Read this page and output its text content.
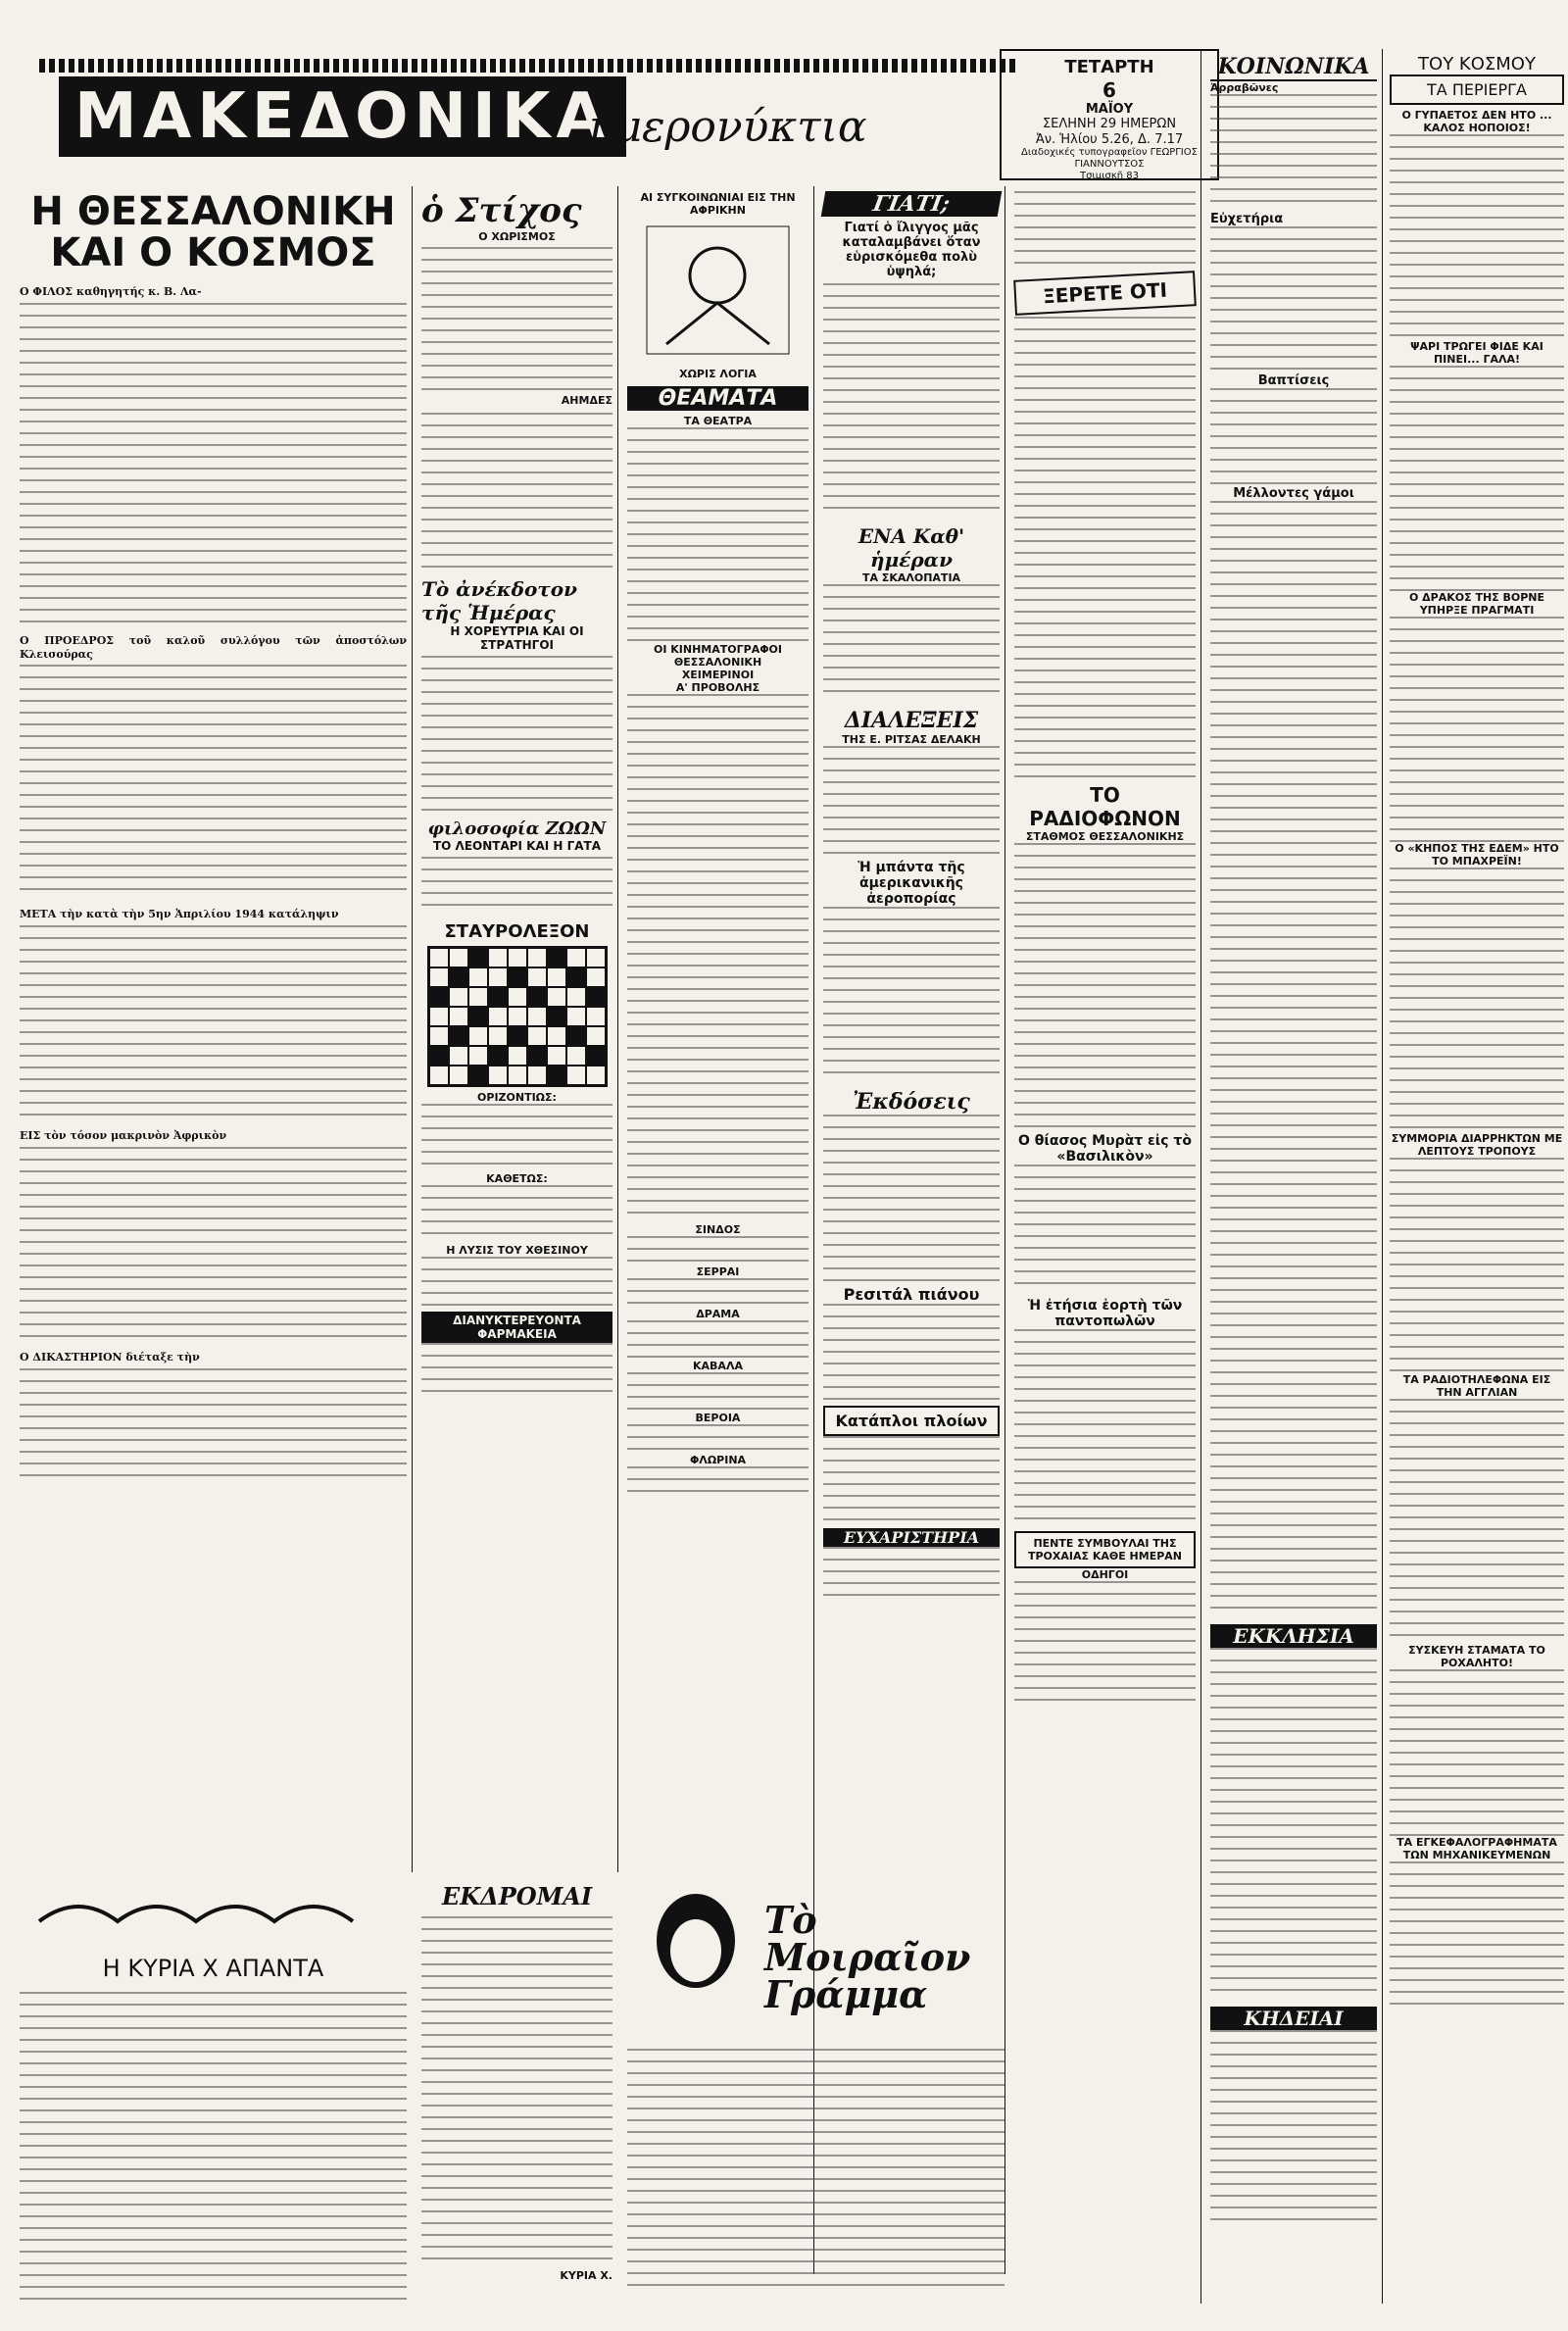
ΜΑΚΕΔΟΝΙΚΑ
ἡμερονύκτια
ΤΕΤΑΡΤΗ
6
ΜΑΪΟΥ
ΣΕΛΗΝΗ 29 ΗΜΕΡΩΝ
Ἀν. Ἡλίου 5.26, Δ. 7.17
Διαδοχικές τυπογραφεῖον ΓΕΩΡΓΙΟΣ ΓΙΑΝΝΟΥΤΣΟΣ
Τσιμισκῆ 83
Η ΘΕΣΣΑΛΟΝΙΚΗ ΚΑΙ Ο ΚΟΣΜΟΣ
Ο ΦΙΛΟΣ καθηγητής κ. Β. Λα-
Ο ΠΡΟΕΔΡΟΣ τοῦ καλοῦ συλλόγου τῶν ἀποστόλων Κλεισούρας
ΜΕΤΑ τὴν κατὰ τὴν 5ην Ἀπριλίου 1944 κατάληψιν
ΕΙΣ τὸν τόσον μακρινὸν Ἀφρικὸν
Ο ΔΙΚΑΣΤΗΡΙΟΝ διέταξε τὴν
Η ΚΥΡΙΑ Χ ΑΠΑΝΤΑ
ὁ Στίχος
Ο ΧΩΡΙΣΜΟΣ
ΑΗΜΔΕΣ
Τὸ ἀνέκδοτον τῆς Ἡμέρας
Η ΧΟΡΕΥΤΡΙΑ ΚΑΙ ΟΙ ΣΤΡΑΤΗΓΟΙ
φιλοσοφία ΖΩΩΝ
ΤΟ ΛΕΟΝΤΑΡΙ ΚΑΙ Η ΓΑΤΑ
ΣΤΑΥΡΟΛΕΞΟΝ
ΟΡΙΖΟΝΤΙΩΣ:
ΚΑΘΕΤΩΣ:
Η ΛΥΣΙΣ ΤΟΥ ΧΘΕΣΙΝΟΥ
ΔΙΑΝΥΚΤΕΡΕΥΟΝΤΑ ΦΑΡΜΑΚΕΙΑ
ΕΚΔΡΟΜΑΙ
ΚΥΡΙΑ Χ.
ΑΙ ΣΥΓΚΟΙΝΩΝΙΑΙ ΕΙΣ ΤΗΝ ΑΦΡΙΚΗΝ
ΧΩΡΙΣ ΛΟΓΙΑ
ΘΕΑΜΑΤΑ
ΤΑ ΘΕΑΤΡΑ
ΟΙ ΚΙΝΗΜΑΤΟΓΡΑΦΟΙ
ΘΕΣΣΑΛΟΝΙΚΗ
ΧΕΙΜΕΡΙΝΟΙ
Α' ΠΡΟΒΟΛΗΣ
ΣΙΝΔΟΣ
ΣΕΡΡΑΙ
ΔΡΑΜΑ
ΚΑΒΑΛΑ
ΒΕΡΟΙΑ
ΦΛΩΡΙΝΑ
ΓΙΑΤΙ;
Γιατί ὁ ἴλιγγος μᾶς καταλαμβάνει ὅταν εὑρισκόμεθα πολὺ ὑψηλά;
ΕΝΑ Καθ' ἡμέραν
ΤΑ ΣΚΑΛΟΠΑΤΙΑ
ΔΙΑΛΕΞΕΙΣ
ΤΗΣ Ε. ΡΙΤΣΑΣ ΔΕΛΑΚΗ
Ἡ μπάντα τῆς ἀμερικανικῆς ἀεροπορίας
Ἐκδόσεις
Ρεσιτάλ πιάνου
Κατάπλοι πλοίων
ΕΥΧΑΡΙΣΤΗΡΙΑ
Τὸ Μοιραῖον Γράμμα
ΞΕΡΕΤΕ ΟΤΙ
ΤΟ ΡΑΔΙΟΦΩΝΟΝ
ΣΤΑΘΜΟΣ ΘΕΣΣΑΛΟΝΙΚΗΣ
Ο θίασος Μυρὰτ εἰς τὸ «Βασιλικὸν»
Ἡ ἐτήσια ἑορτὴ τῶν παντοπωλῶν
ΠΕΝΤΕ ΣΥΜΒΟΥΛΑΙ ΤΗΣ ΤΡΟΧΑΙΑΣ ΚΑΘΕ ΗΜΕΡΑΝ
ΟΔΗΓΟΙ
ΚΟΙΝΩΝΙΚΑ
Ἀρραβῶνες
Εὐχετήρια
Βαπτίσεις
Μέλλοντες γάμοι
ΕΚΚΛΗΣΙΑ
ΚΗΔΕΙΑΙ
ΤΟΥ ΚΟΣΜΟΥ
ΤΑ ΠΕΡΙΕΡΓΑ
Ο ΓΥΠΑΕΤΟΣ ΔΕΝ ΗΤΟ ... ΚΑΛΟΣ ΗΟΠΟΙΟΣ!
ΨΑΡΙ ΤΡΩΓΕΙ ΦΙΔΕ ΚΑΙ ΠΙΝΕΙ... ΓΑΛΑ!
Ο ΔΡΑΚΟΣ ΤΗΣ ΒΟΡΝΕ ΥΠΗΡΞΕ ΠΡΑΓΜΑΤΙ
Ο «ΚΗΠΟΣ ΤΗΣ ΕΔΕΜ» ΗΤΟ ΤΟ ΜΠΑΧΡΕΪΝ!
ΣΥΜΜΟΡΙΑ ΔΙΑΡΡΗΚΤΩΝ ΜΕ ΛΕΠΤΟΥΣ ΤΡΟΠΟΥΣ
ΤΑ ΡΑΔΙΟΤΗΛΕΦΩΝΑ ΕΙΣ ΤΗΝ ΑΓΓΛΙΑΝ
ΣΥΣΚΕΥΗ ΣΤΑΜΑΤΑ ΤΟ ΡΟΧΑΛΗΤΟ!
ΤΑ ΕΓΚΕΦΑΛΟΓΡΑΦΗΜΑΤΑ ΤΩΝ ΜΗΧΑΝΙΚΕΥΜΕΝΩΝ
